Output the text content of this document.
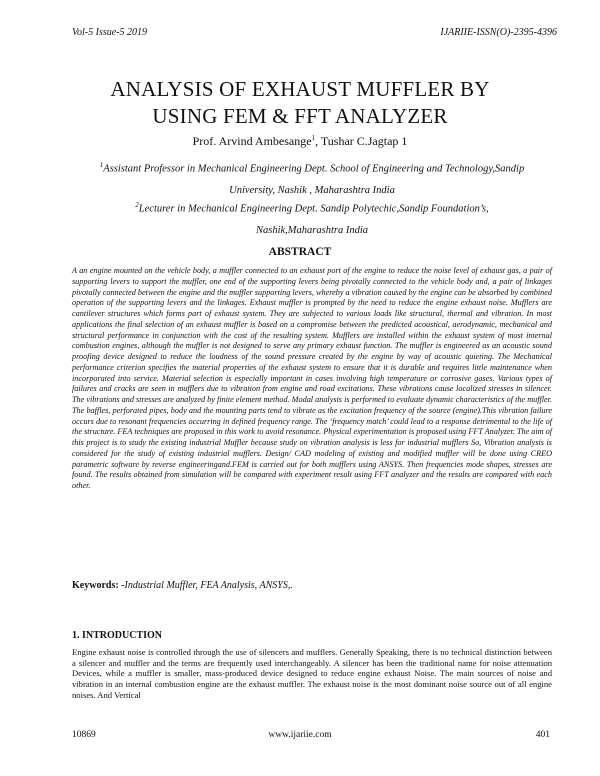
Vol-5 Issue-5 2019	IJARIIE-ISSN(O)-2395-4396
ANALYSIS OF EXHAUST MUFFLER BY
USING FEM & FFT ANALYZER
Prof. Arvind Ambesange$^1$, Tushar C.Jagtap 1
$^1$Assistant Professor in Mechanical Engineering Dept. School of Engineering and Technology,Sandip
University, Nashik , Maharashtra India
$^2$Lecturer in Mechanical Engineering Dept. Sandip Polytechic,Sandip Foundation’s,
Nashik,Maharashtra India
ABSTRACT
A an engine mounted on the vehicle body, a muffler connected to an exhaust port of the engine to reduce the noise level of exhaust gas, a pair of supporting levers to support the muffler, one end of the supporting levers being pivotally connected to the vehicle body and, a pair of linkages pivotally connected between the engine and the muffler supporting levers, whereby a vibration caused by the engine can be absorbed by combined operation of the supporting levers and the linkages. Exhaust muffler is prompted by the need to reduce the engine exhaust noise. Mufflers are cantilever structures which forms part of exhaust system. They are subjected to various loads like structural, thermal and vibration. In most applications the final selection of an exhaust muffler is based on a compromise between the predicted acoustical, aerodynamic, mechanical and structural performance in conjunction with the cost of the resulting system. Mufflers are installed within the exhaust system of most internal combustion engines, although the muffler is not designed to serve any primary exhaust function. The muffler is engineered as an acoustic sound proofing device designed to reduce the loudness of the sound pressure created by the engine by way of acoustic quieting. The Mechanical performance criterion specifies the material properties of the exhaust system to ensure that it is durable and requires little maintenance when incorporated into service. Material selection is especially important in cases involving high temperature or corrosive gases. Various types of failures and cracks are seen in mufflers due to vibration from engine and road excitations. These vibrations cause localized stresses in silencer. The vibrations and stresses are analyzed by finite element method. Modal analysis is performed to evaluate dynamic characteristics of the muffler. The baffles, perforated pipes, body and the mounting parts tend to vibrate as the excitation frequency of the source (engine).This vibration failure occurs due to resonant frequencies occurring in defined frequency range. The ‘frequency match’ could lead to a response detrimental to the life of the structure. FEA techniques are proposed in this work to avoid resonance. Physical experimentation is proposed using FFT Analyzer. The aim of this project is to study the existing industrial Muffler because study on vibration analysis is less for industrial mufflers So, Vibration analysis is considered for the study of existing industrial mufflers. Design/ CAD modeling of existing and modified muffler will be done using CREO parametric software by reverse engineeringand.FEM is carried out for both mufflers using ANSYS. Then frequencies mode shapes, stresses are found. The results obtained from simulation will be compared with experiment result using FFT analyzer and the results are compared with each other.
Keywords: -Industrial Muffler, FEA Analysis, ANSYS,.
1. INTRODUCTION
Engine exhaust noise is controlled through the use of silencers and mufflers. Generally Speaking, there is no technical distinction between a silencer and muffler and the terms are frequently used interchangeably. A silencer has been the traditional name for noise attenuation Devices, while a muffler is smaller, mass-produced device designed to reduce engine exhaust Noise. The main sources of noise and vibration in an internal combustion engine are the exhaust muffler. The exhaust noise is the most dominant noise source out of all engine noises. And Vertical
10869	www.ijariie.com	401
